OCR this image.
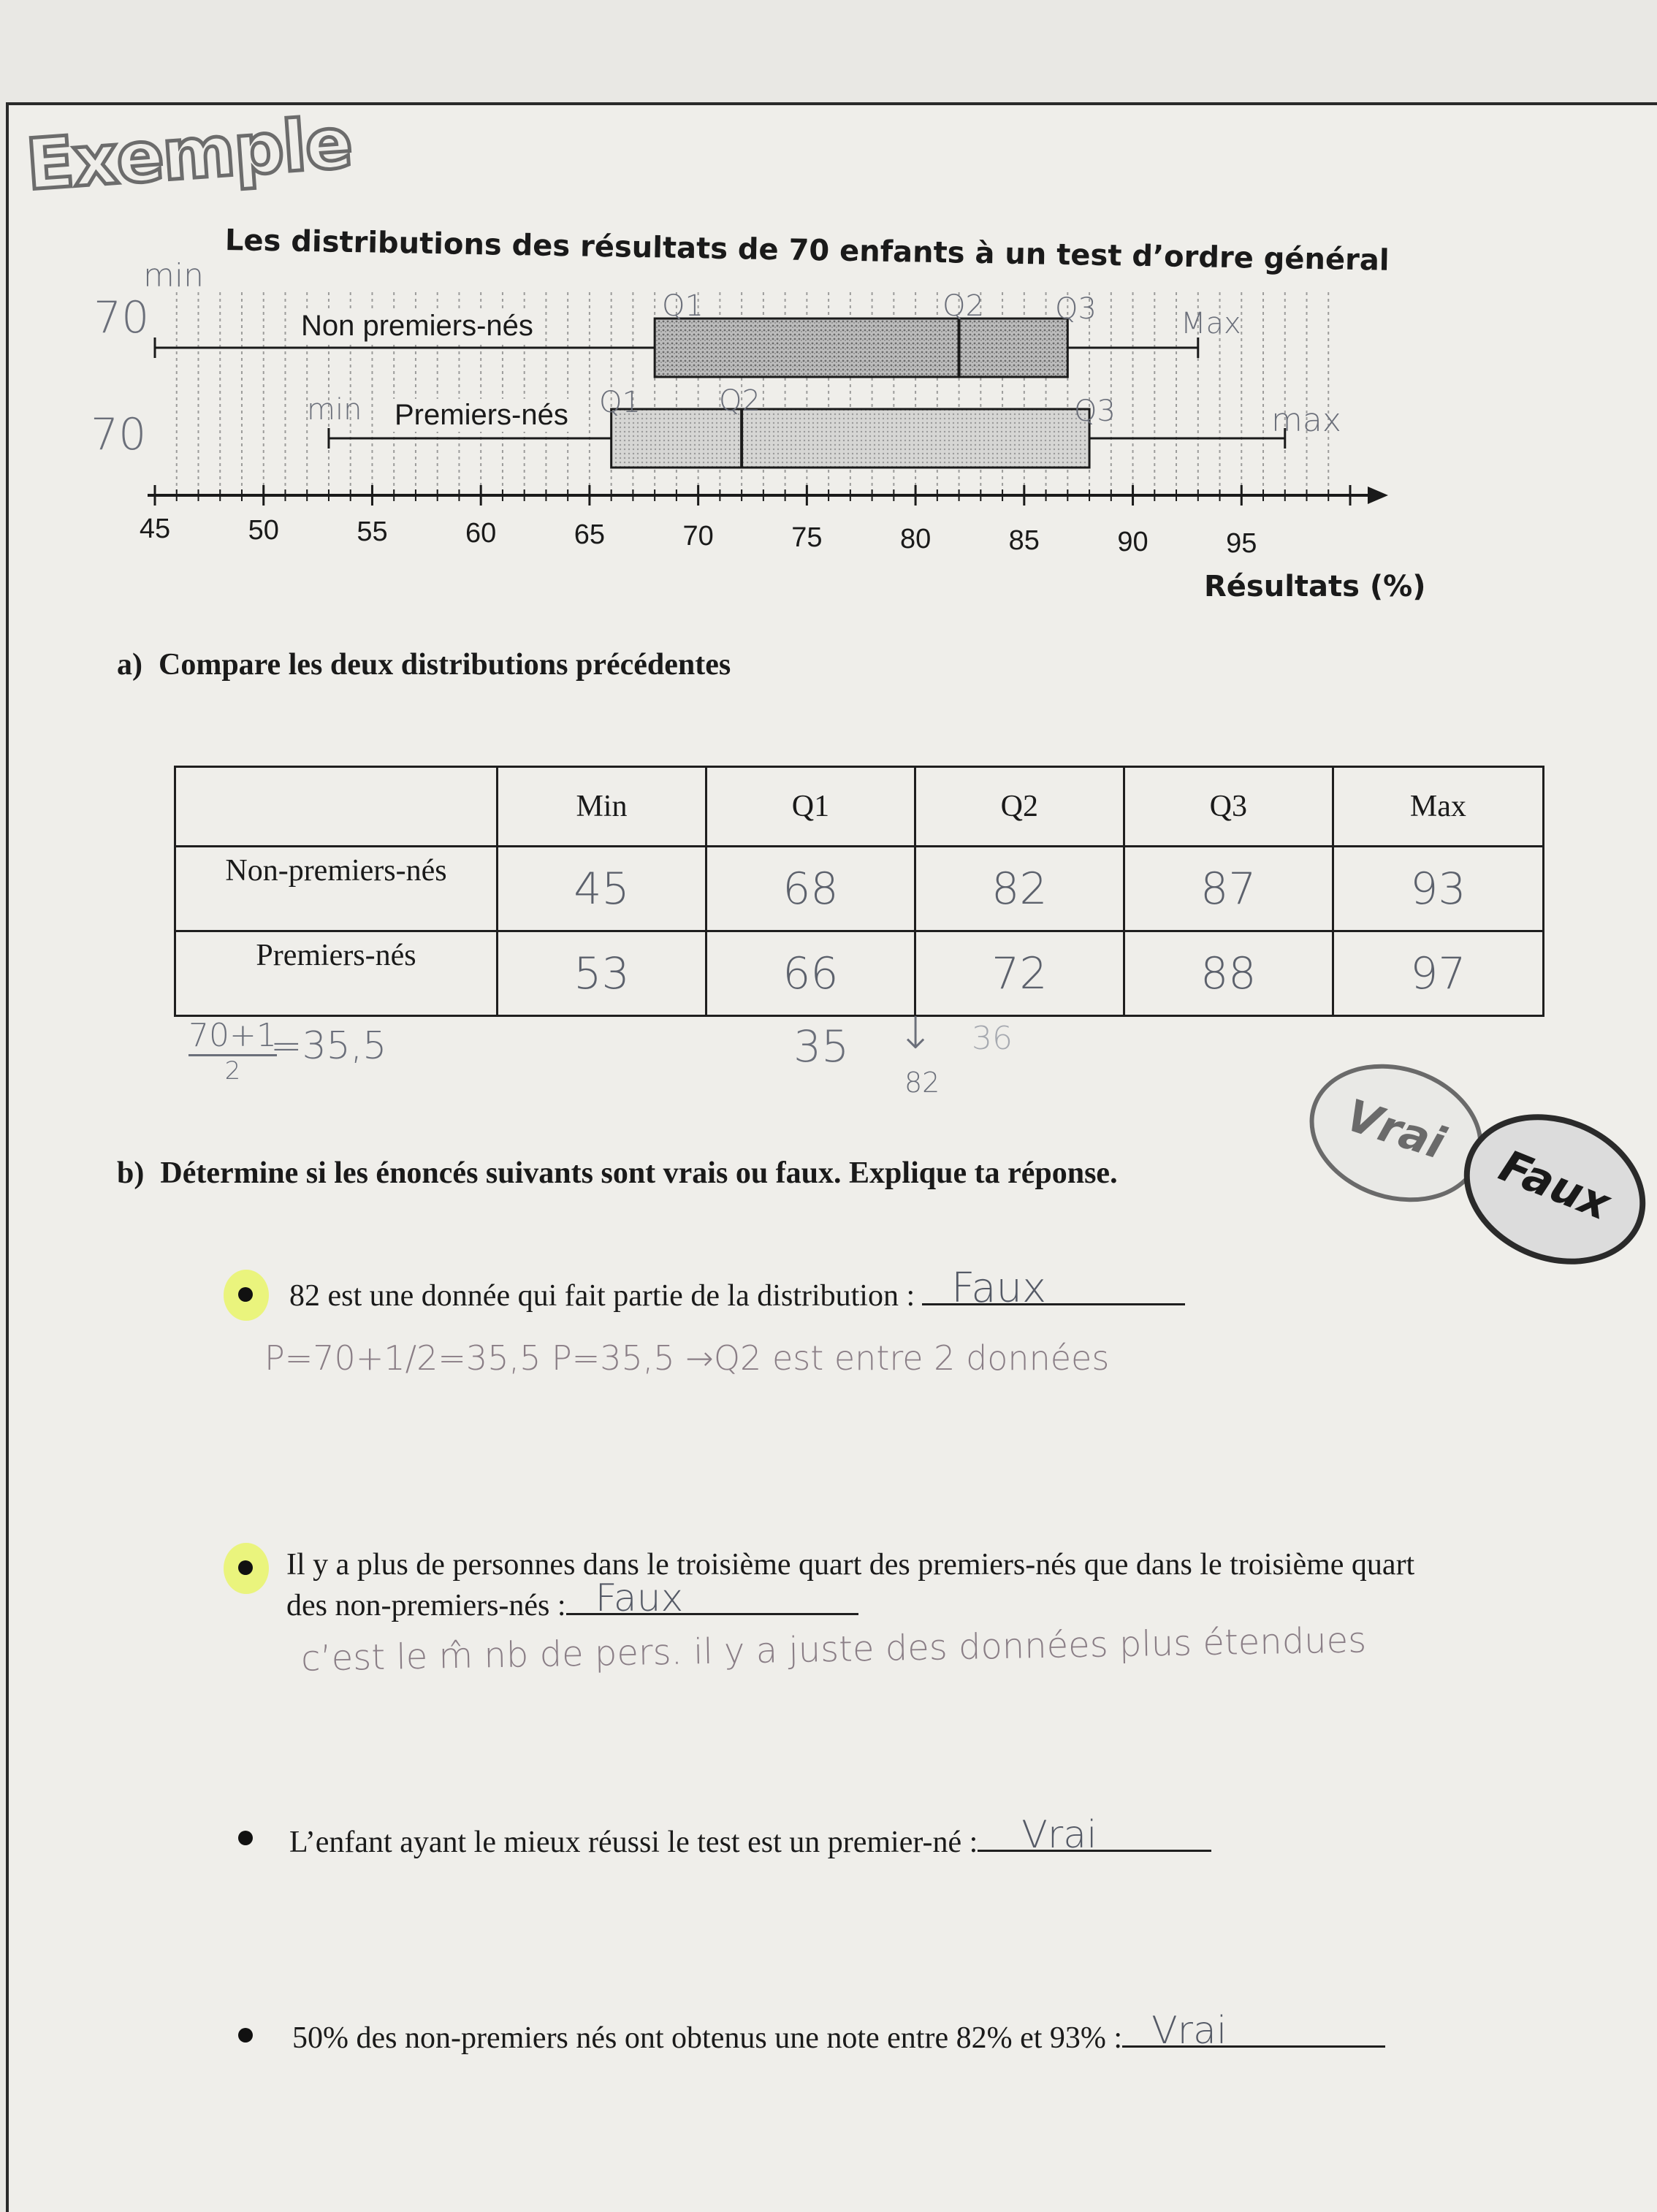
Exemple
Les distributions des résultats de 70 enfants à un test d’ordre général
45	50	55	60	65	70	75	80	85	90	95
Non premiers-nés
Premiers-nés
Résultats (%)
min
70
70	min
Q1	Q2 Q3	Max
Q1	Q2	Q3	max
a) Compare les deux distributions précédentes
	Min	Q1	Q2	Q3	Max
Non-premiers-nés	45	68	82	87	93
Premiers-nés	53	66	72	88	97
70+1
2
=35,5	35 ↓ 36
82
Vrai
Faux
b) Détermine si les énoncés suivants sont vrais ou faux. Explique ta réponse.
82 est une donnée qui fait partie de la distribution : Faux
P=70+1/2=35,5 P=35,5 →Q2 est entre 2 données
Il y a plus de personnes dans le troisième quart des premiers-nés que dans le troisième quart
des non-premiers-nés : Faux
c’est le m̂ nb de pers. il y a juste des données plus étendues
L’enfant ayant le mieux réussi le test est un premier-né : Vrai
50% des non-premiers nés ont obtenus une note entre 82% et 93% : Vrai
